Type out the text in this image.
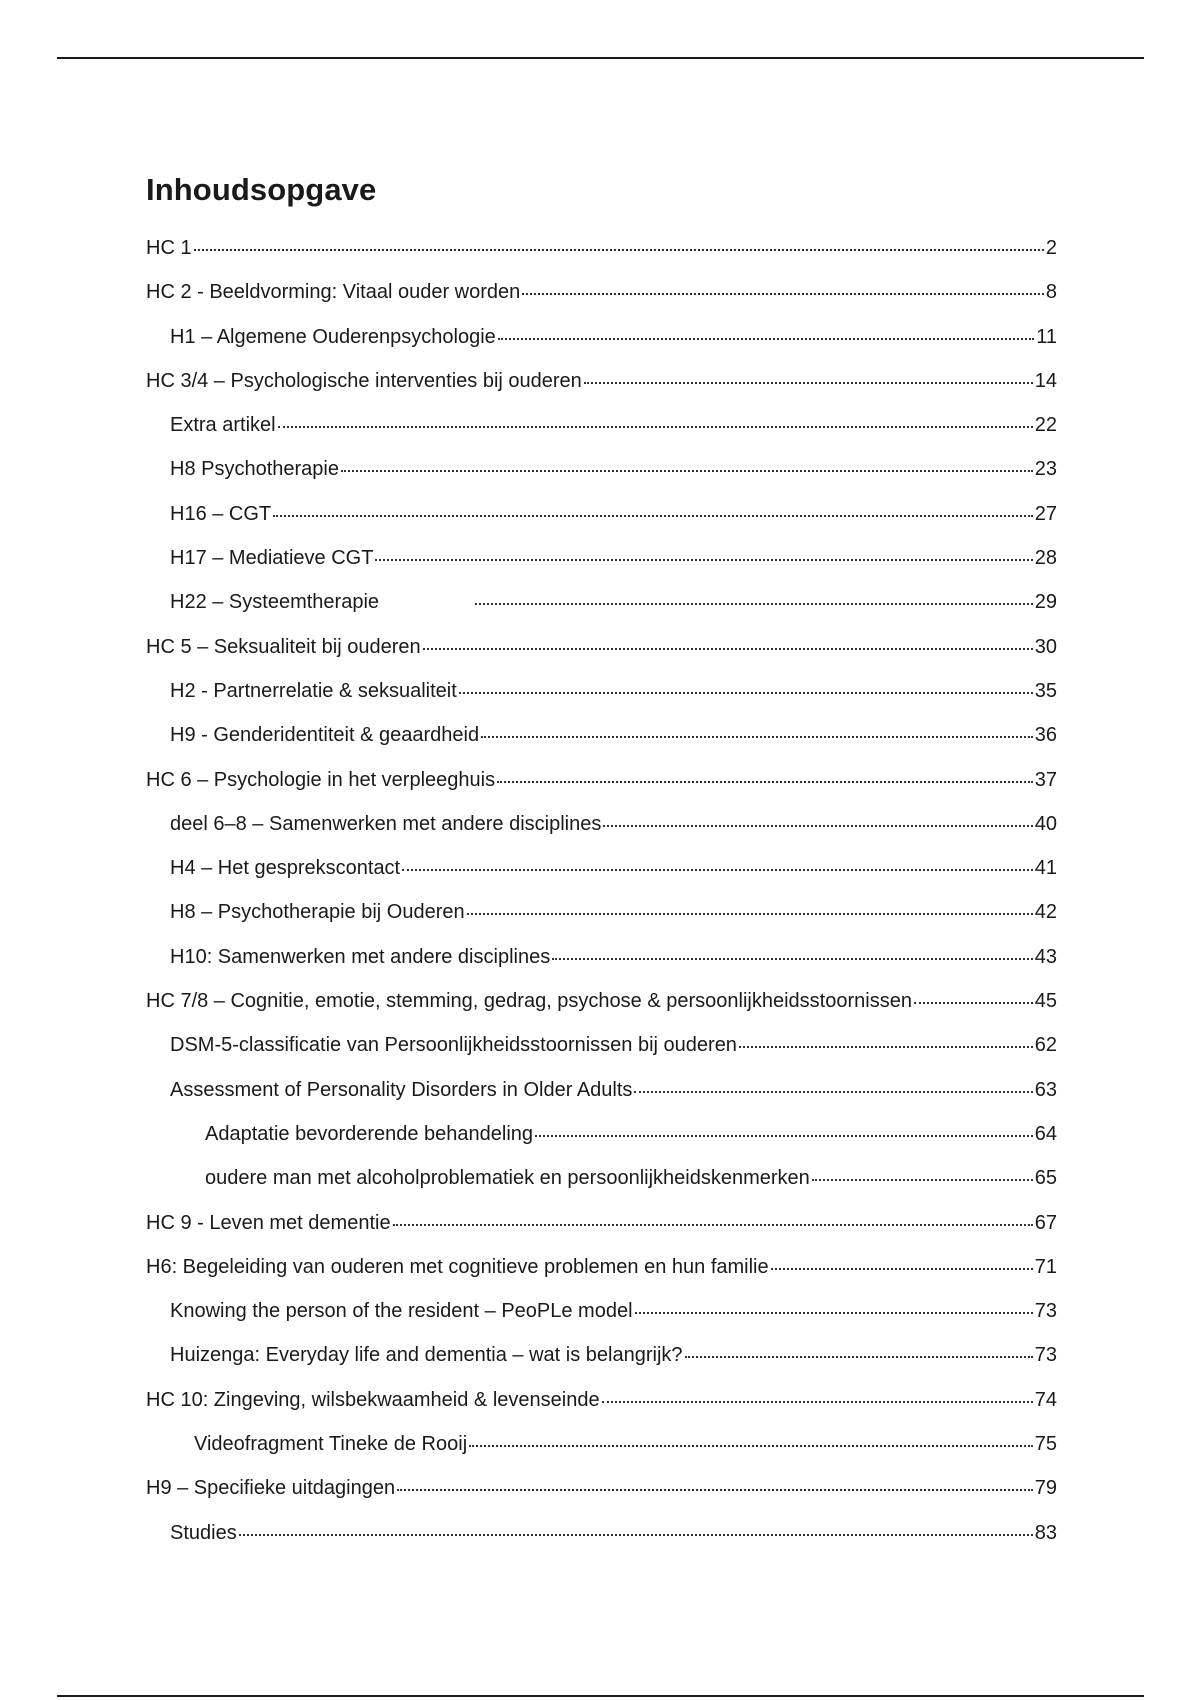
Inhoudsopgave
HC 1	2
HC 2 - Beeldvorming: Vitaal ouder worden	8
H1 – Algemene Ouderenpsychologie	11
HC 3/4 – Psychologische interventies bij ouderen	14
Extra artikel	22
H8 Psychotherapie	23
H16 – CGT	27
H17 – Mediatieve CGT	28
H22 – Systeemtherapie	29
HC 5 – Seksualiteit bij ouderen	30
H2 - Partnerrelatie & seksualiteit	35
H9 - Genderidentiteit & geaardheid	36
HC 6 – Psychologie in het verpleeghuis	37
deel 6–8 – Samenwerken met andere disciplines	40
H4 – Het gesprekscontact	41
H8 – Psychotherapie bij Ouderen	42
H10: Samenwerken met andere disciplines	43
HC 7/8 – Cognitie, emotie, stemming, gedrag, psychose & persoonlijkheidsstoornissen	45
DSM-5-classificatie van Persoonlijkheidsstoornissen bij ouderen	62
Assessment of Personality Disorders in Older Adults	63
Adaptatie bevorderende behandeling	64
oudere man met alcoholproblematiek en persoonlijkheidskenmerken	65
HC 9 - Leven met dementie	67
H6: Begeleiding van ouderen met cognitieve problemen en hun familie	71
Knowing the person of the resident – PeoPLe model	73
Huizenga: Everyday life and dementia – wat is belangrijk?	73
HC 10: Zingeving, wilsbekwaamheid & levenseinde	74
Videofragment Tineke de Rooij	75
H9 – Specifieke uitdagingen	79
Studies	83
